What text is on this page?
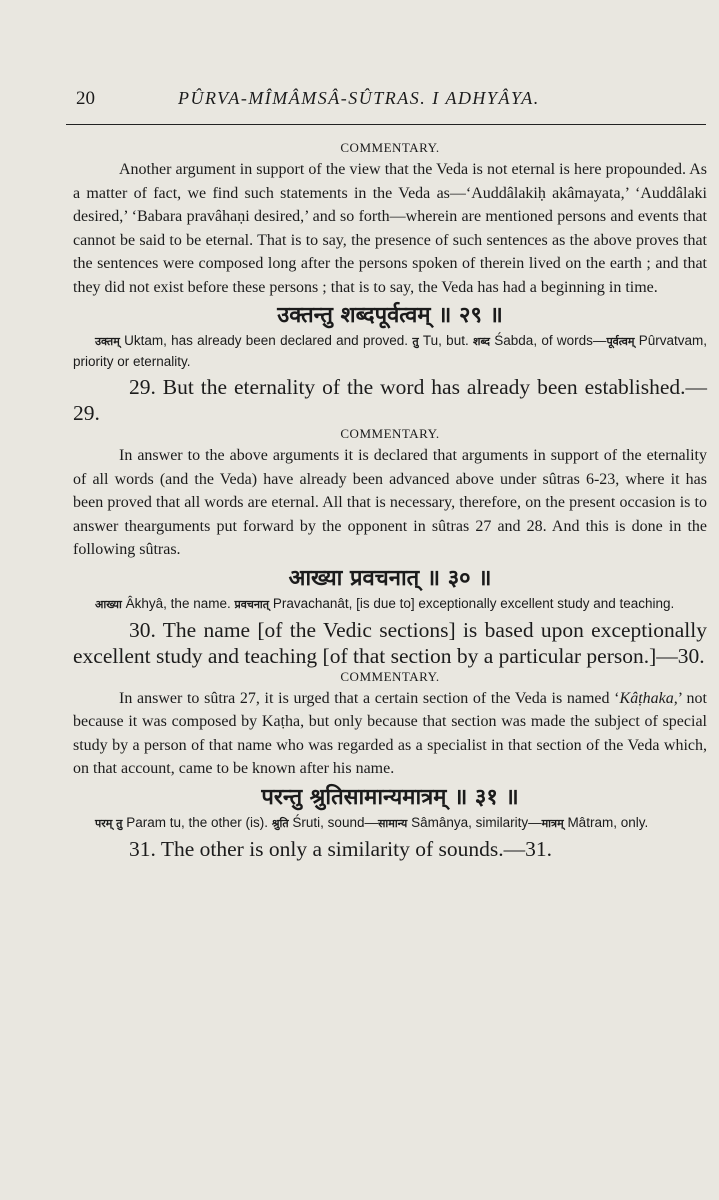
20	PÛRVA-MÎMÂMSÂ-SÛTRAS. I ADHYÂYA.
COMMENTARY.

Another argument in support of the view that the Veda is not eternal is here propounded. As a matter of fact, we find such statements in the Veda as—‘Auddâlakiḥ akâmayata,’ ‘Auddâlaki desired,’ ‘Babara pravâhaṇi desired,’ and so forth—wherein are mentioned persons and events that cannot be said to be eternal. That is to say, the presence of such sentences as the above proves that the sentences were composed long after the persons spoken of therein lived on the earth ; and that they did not exist before these persons ; that is to say, the Veda has had a beginning in time.

उक्तन्तु शब्दपूर्वत्वम् ॥ २९ ॥

उक्तम् Uktam, has already been declared and proved. तु Tu, but. शब्द Śabda, of words—पूर्वत्वम् Pûrvatvam, priority or eternality.

29. But the eternality of the word has already been established.—29.

COMMENTARY.

In answer to the above arguments it is declared that arguments in support of the eternality of all words (and the Veda) have already been advanced above under sûtras 6-23, where it has been proved that all words are eternal. All that is necessary, therefore, on the present occasion is to answer thearguments put forward by the opponent in sûtras 27 and 28. And this is done in the following sûtras.

आख्या प्रवचनात् ॥ ३० ॥

आख्या Âkhyâ, the name. प्रवचनात् Pravachanât, [is due to] exceptionally excellent study and teaching.

30. The name [of the Vedic sections] is based upon exceptionally excellent study and teaching [of that section by a particular person.]—30.

COMMENTARY.

In answer to sûtra 27, it is urged that a certain section of the Veda is named ‘Kâṭhaka,’ not because it was composed by Kaṭha, but only because that section was made the subject of special study by a person of that name who was regarded as a specialist in that section of the Veda which, on that account, came to be known after his name.

परन्तु श्रुतिसामान्यमात्रम् ॥ ३१ ॥

परम् तु Param tu, the other (is). श्रुति Śruti, sound—सामान्य Sâmânya, similarity—मात्रम् Mâtram, only.

31. The other is only a similarity of sounds.—31.
